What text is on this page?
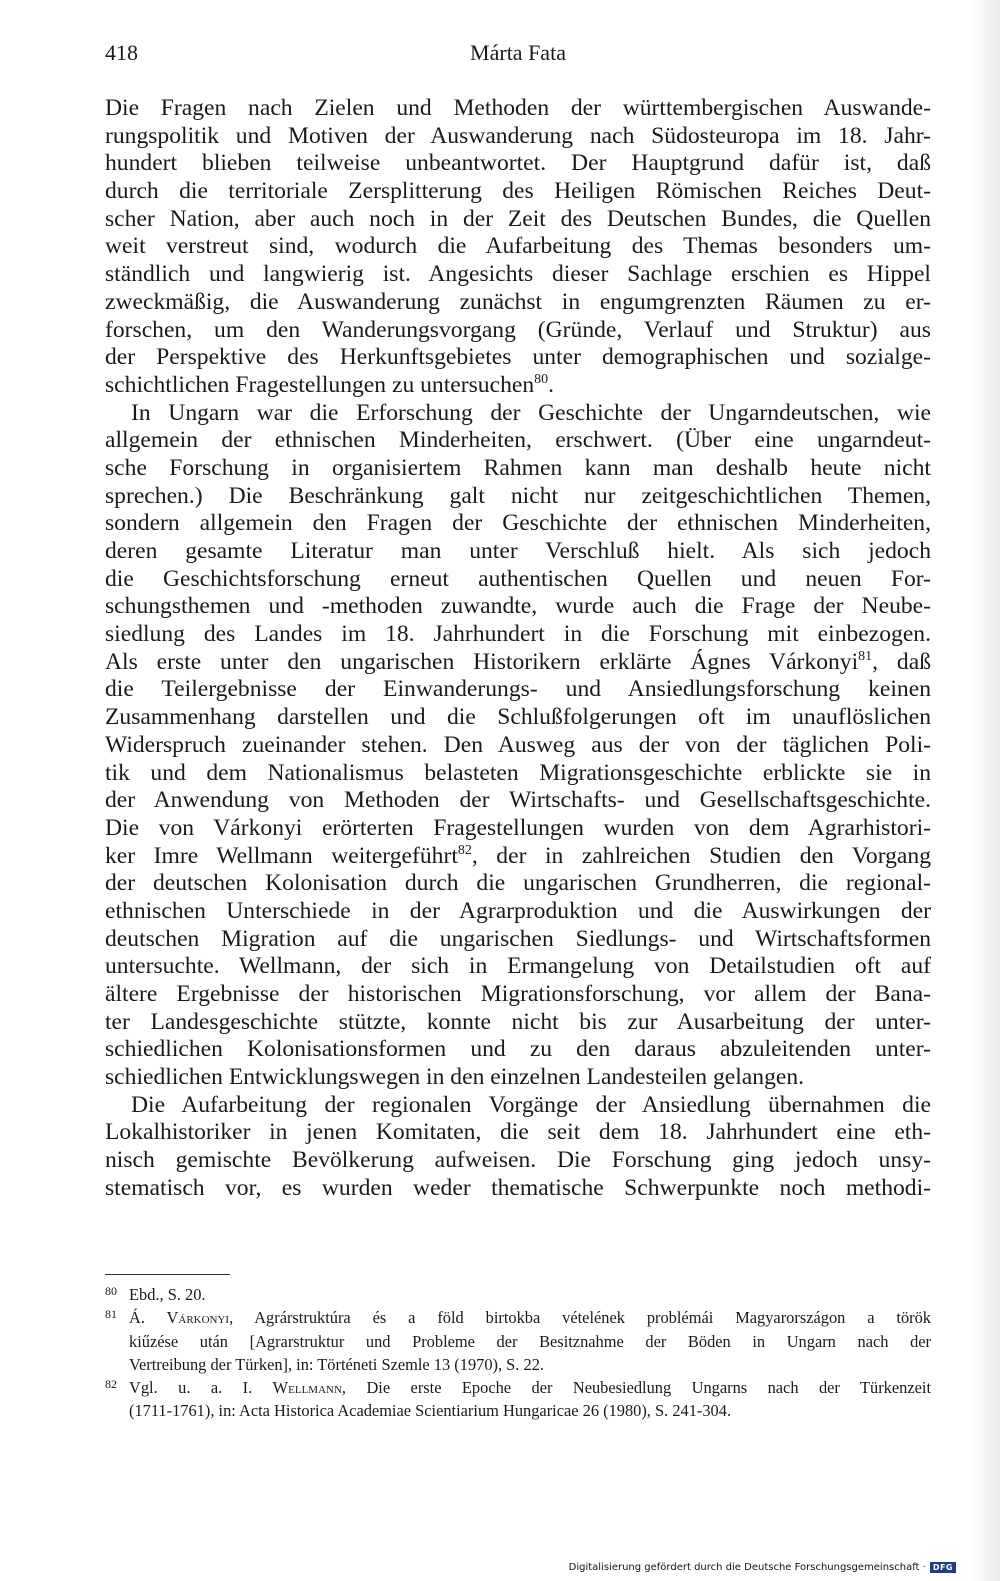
418	Márta Fata

Die Fragen nach Zielen und Methoden der württembergischen Auswande-
rungspolitik und Motiven der Auswanderung nach Südosteuropa im 18. Jahr-
hundert blieben teilweise unbeantwortet. Der Hauptgrund dafür ist, daß
durch die territoriale Zersplitterung des Heiligen Römischen Reiches Deut-
scher Nation, aber auch noch in der Zeit des Deutschen Bundes, die Quellen
weit verstreut sind, wodurch die Aufarbeitung des Themas besonders um-
ständlich und langwierig ist. Angesichts dieser Sachlage erschien es Hippel
zweckmäßig, die Auswanderung zunächst in engumgrenzten Räumen zu er-
forschen, um den Wanderungsvorgang (Gründe, Verlauf und Struktur) aus
der Perspektive des Herkunftsgebietes unter demographischen und sozialge-
schichtlichen Fragestellungen zu untersuchen$^{80}$.

In Ungarn war die Erforschung der Geschichte der Ungarndeutschen, wie
allgemein der ethnischen Minderheiten, erschwert. (Über eine ungarndeut-
sche Forschung in organisiertem Rahmen kann man deshalb heute nicht
sprechen.) Die Beschränkung galt nicht nur zeitgeschichtlichen Themen,
sondern allgemein den Fragen der Geschichte der ethnischen Minderheiten,
deren gesamte Literatur man unter Verschluß hielt. Als sich jedoch
die Geschichtsforschung erneut authentischen Quellen und neuen For-
schungsthemen und -methoden zuwandte, wurde auch die Frage der Neube-
siedlung des Landes im 18. Jahrhundert in die Forschung mit einbezogen.
Als erste unter den ungarischen Historikern erklärte Ágnes Várkonyi$^{81}$, daß
die Teilergebnisse der Einwanderungs- und Ansiedlungsforschung keinen
Zusammenhang darstellen und die Schlußfolgerungen oft im unauflöslichen
Widerspruch zueinander stehen. Den Ausweg aus der von der täglichen Poli-
tik und dem Nationalismus belasteten Migrationsgeschichte erblickte sie in
der Anwendung von Methoden der Wirtschafts- und Gesellschaftsgeschichte.
Die von Várkonyi erörterten Fragestellungen wurden von dem Agrarhistori-
ker Imre Wellmann weitergeführt$^{82}$, der in zahlreichen Studien den Vorgang
der deutschen Kolonisation durch die ungarischen Grundherren, die regional-
ethnischen Unterschiede in der Agrarproduktion und die Auswirkungen der
deutschen Migration auf die ungarischen Siedlungs- und Wirtschaftsformen
untersuchte. Wellmann, der sich in Ermangelung von Detailstudien oft auf
ältere Ergebnisse der historischen Migrationsforschung, vor allem der Bana-
ter Landesgeschichte stützte, konnte nicht bis zur Ausarbeitung der unter-
schiedlichen Kolonisationsformen und zu den daraus abzuleitenden unter-
schiedlichen Entwicklungswegen in den einzelnen Landesteilen gelangen.

Die Aufarbeitung der regionalen Vorgänge der Ansiedlung übernahmen die
Lokalhistoriker in jenen Komitaten, die seit dem 18. Jahrhundert eine eth-
nisch gemischte Bevölkerung aufweisen. Die Forschung ging jedoch unsy-
stematisch vor, es wurden weder thematische Schwerpunkte noch methodi-

80 Ebd., S. 20.
81 Á. Várkonyi, Agrárstruktúra és a föld birtokba vételének problémái Magyarországon a török
kiűzése után [Agrarstruktur und Probleme der Besitznahme der Böden in Ungarn nach der
Vertreibung der Türken], in: Történeti Szemle 13 (1970), S. 22.
82 Vgl. u. a. I. Wellmann, Die erste Epoche der Neubesiedlung Ungarns nach der Türkenzeit
(1711-1761), in: Acta Historica Academiae Scientiarium Hungaricae 26 (1980), S. 241-304.
Digitalisierung gefördert durch die Deutsche Forschungsgemeinschaft · DFG
